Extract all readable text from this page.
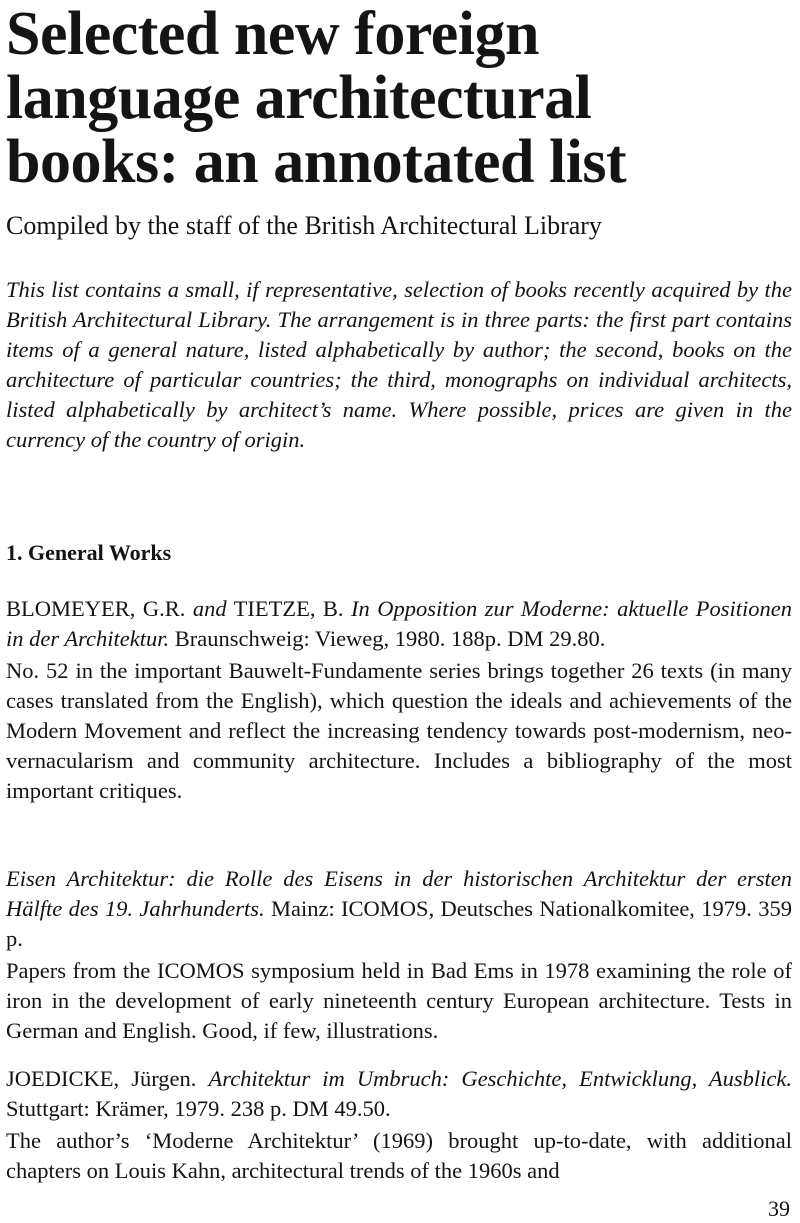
Selected new foreign
language architectural
books: an annotated list
Compiled by the staff of the British Architectural Library

This list contains a small, if representative, selection of books recently acquired by the British Architectural Library. The arrangement is in three parts: the first part contains items of a general nature, listed alphabetically by author; the second, books on the architecture of particular countries; the third, monographs on individual architects, listed alphabetically by architect’s name. Where possible, prices are given in the currency of the country of origin.

1. General Works

BLOMEYER, G.R. and TIETZE, B. In Opposition zur Moderne: aktuelle Positionen in der Architektur. Braunschweig: Vieweg, 1980. 188p. DM 29.80.

No. 52 in the important Bauwelt-Fundamente series brings together 26 texts (in many cases translated from the English), which question the ideals and achievements of the Modern Movement and reflect the increasing tendency towards post-modernism, neo-vernacularism and community architecture. Includes a bibliography of the most important critiques.

Eisen Architektur: die Rolle des Eisens in der historischen Architektur der ersten Hälfte des 19. Jahrhunderts. Mainz: ICOMOS, Deutsches Nationalkomitee, 1979. 359 p.

Papers from the ICOMOS symposium held in Bad Ems in 1978 examining the role of iron in the development of early nineteenth century European architecture. Tests in German and English. Good, if few, illustrations.

JOEDICKE, Jürgen. Architektur im Umbruch: Geschichte, Entwicklung, Ausblick. Stuttgart: Krämer, 1979. 238 p. DM 49.50.

The author’s ‘Moderne Architektur’ (1969) brought up-to-date, with additional chapters on Louis Kahn, architectural trends of the 1960s and

39
